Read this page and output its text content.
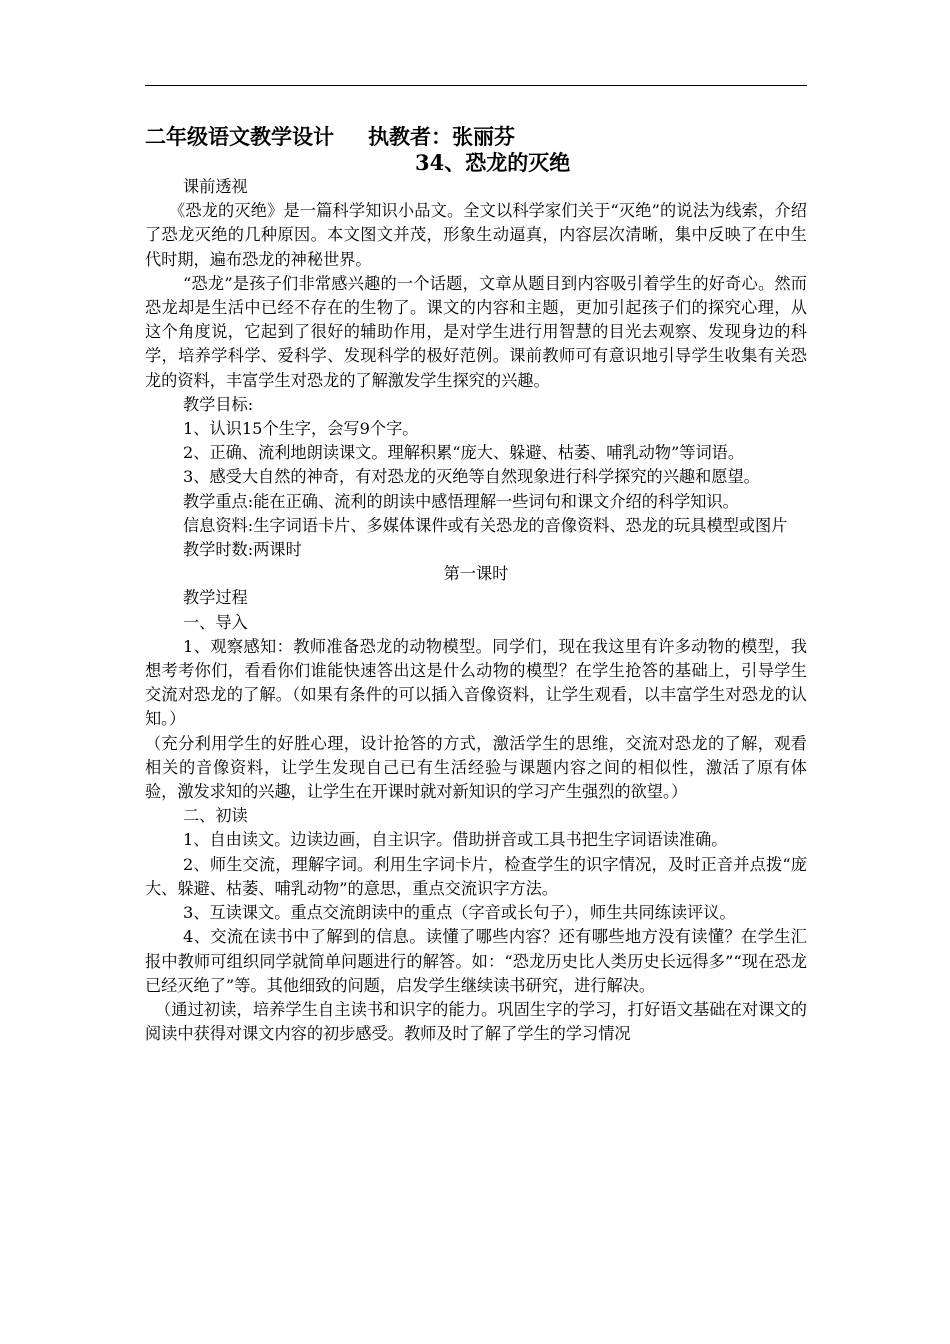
二年级语文教学设计 执教者：张丽芬
34、恐龙的灭绝

课前透视

《恐龙的灭绝》是一篇科学知识小品文。全文以科学家们关于“灭绝”的说法为线索，介绍了恐龙灭绝的几种原因。本文图文并茂，形象生动逼真，内容层次清晰，集中反映了在中生代时期，遍布恐龙的神秘世界。

“恐龙”是孩子们非常感兴趣的一个话题，文章从题目到内容吸引着学生的好奇心。然而恐龙却是生活中已经不存在的生物了。课文的内容和主题，更加引起孩子们的探究心理，从这个角度说，它起到了很好的辅助作用，是对学生进行用智慧的目光去观察、发现身边的科学，培养学科学、爱科学、发现科学的极好范例。课前教师可有意识地引导学生收集有关恐龙的资料，丰富学生对恐龙的了解激发学生探究的兴趣。

教学目标:

1、认识15个生字，会写9个字。

2、正确、流利地朗读课文。理解积累“庞大、躲避、枯萎、哺乳动物”等词语。

3、感受大自然的神奇，有对恐龙的灭绝等自然现象进行科学探究的兴趣和愿望。

教学重点:能在正确、流利的朗读中感悟理解一些词句和课文介绍的科学知识。

信息资料:生字词语卡片、多媒体课件或有关恐龙的音像资料、恐龙的玩具模型或图片

教学时数:两课时

第一课时

教学过程

一、导入

1、观察感知：教师准备恐龙的动物模型。同学们，现在我这里有许多动物的模型，我想考考你们，看看你们谁能快速答出这是什么动物的模型？在学生抢答的基础上，引导学生交流对恐龙的了解。（如果有条件的可以插入音像资料，让学生观看，以丰富学生对恐龙的认知。）

（充分利用学生的好胜心理，设计抢答的方式，激活学生的思维，交流对恐龙的了解，观看相关的音像资料，让学生发现自己已有生活经验与课题内容之间的相似性，激活了原有体验，激发求知的兴趣，让学生在开课时就对新知识的学习产生强烈的欲望。）

二、初读

1、自由读文。边读边画，自主识字。借助拼音或工具书把生字词语读准确。

2、师生交流，理解字词。利用生字词卡片，检查学生的识字情况，及时正音并点拨“庞大、躲避、枯萎、哺乳动物”的意思，重点交流识字方法。

3、互读课文。重点交流朗读中的重点（字音或长句子），师生共同练读评议。

4、交流在读书中了解到的信息。读懂了哪些内容？还有哪些地方没有读懂？在学生汇报中教师可组织同学就简单问题进行的解答。如：“恐龙历史比人类历史长远得多”“现在恐龙已经灭绝了”等。其他细致的问题，启发学生继续读书研究，进行解决。

（通过初读，培养学生自主读书和识字的能力。巩固生字的学习，打好语文基础在对课文的阅读中获得对课文内容的初步感受。教师及时了解了学生的学习情况
